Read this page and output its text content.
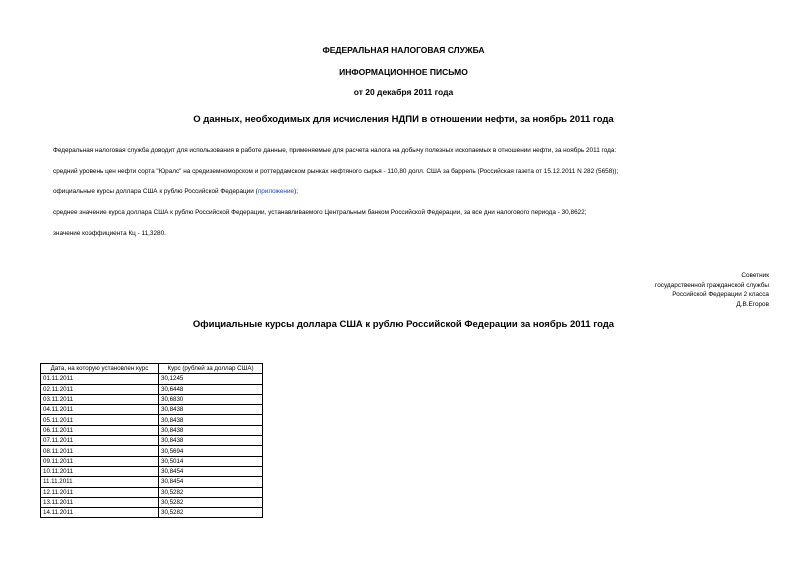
ФЕДЕРАЛЬНАЯ НАЛОГОВАЯ СЛУЖБА
ИНФОРМАЦИОННОЕ ПИСЬМО
от 20 декабря 2011 года
О данных, необходимых для исчисления НДПИ в отношении нефти, за ноябрь 2011 года
Федеральная налоговая служба доводит для использования в работе данные, применяемые для расчета налога на добычу полезных ископаемых в отношении нефти, за ноябрь 2011 года:
средний уровень цен нефти сорта "Юралс" на средиземноморском и роттердамском рынках нефтяного сырья - 110,80 долл. США за баррель (Российская газета от 15.12.2011 N 282 (5658));
официальные курсы доллара США к рублю Российской Федерации (приложение);
среднее значение курса доллара США к рублю Российской Федерации, устанавливаемого Центральным банком Российской Федерации, за все дни налогового периода - 30,8622;
значение коэффициента Кц - 11,3280.
Советник
государственной гражданской службы
Российской Федерации 2 класса
Д.В.Егоров
Официальные курсы доллара США к рублю Российской Федерации за ноябрь 2011 года
Дата, на которую установлен курс	Курс (рублей за доллар США)
01.11.2011	30,1245
02.11.2011	30,6448
03.11.2011	30,6830
04.11.2011	30,8438
05.11.2011	30,8438
06.11.2011	30,8438
07.11.2011	30,8438
08.11.2011	30,5694
09.11.2011	30,5014
10.11.2011	30,8454
11.11.2011	30,8454
12.11.2011	30,5282
13.11.2011	30,5282
14.11.2011	30,5282
